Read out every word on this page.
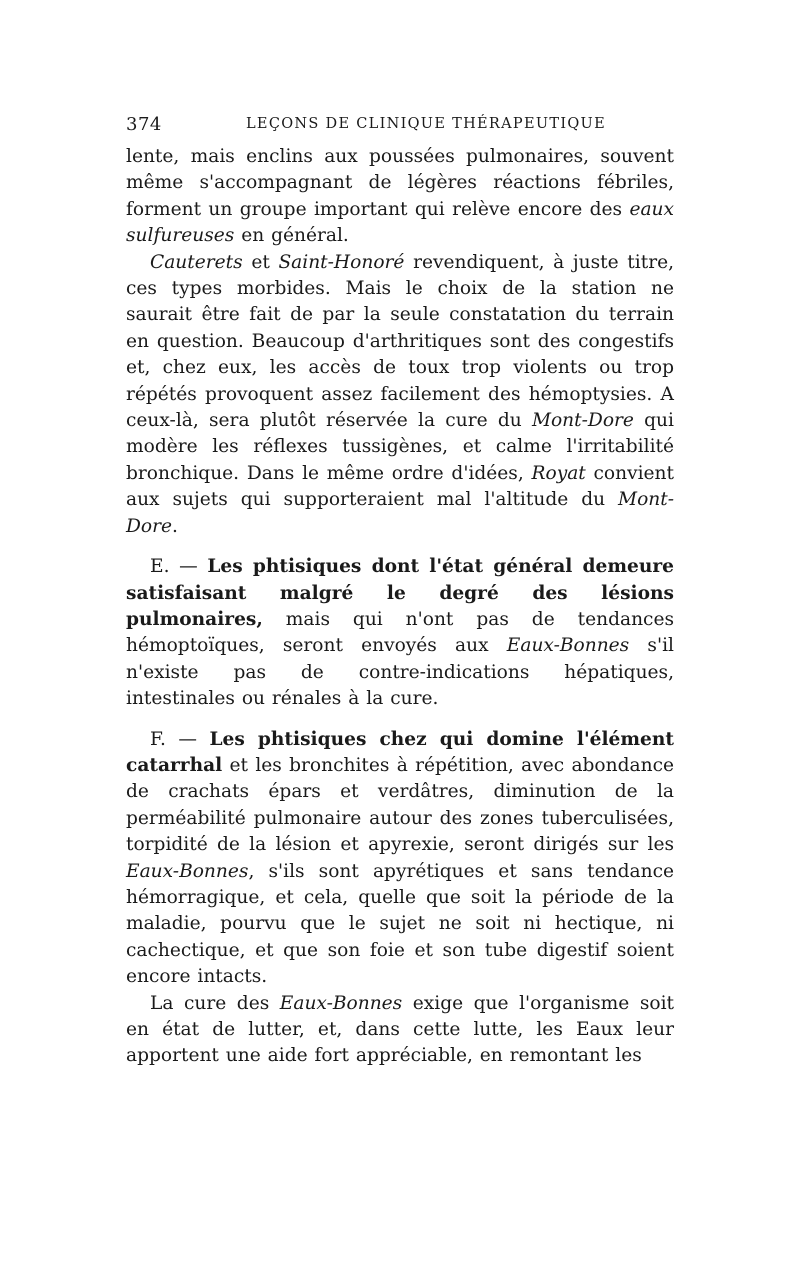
374	LEÇONS DE CLINIQUE THÉRAPEUTIQUE

lente, mais enclins aux poussées pulmonaires, souvent même s'accompagnant de légères réactions fébriles, forment un groupe important qui relève encore des eaux sulfureuses en général.

Cauterets et Saint-Honoré revendiquent, à juste titre, ces types morbides. Mais le choix de la station ne saurait être fait de par la seule constatation du terrain en question. Beaucoup d'arthritiques sont des congestifs et, chez eux, les accès de toux trop violents ou trop répétés provoquent assez facilement des hémoptysies. A ceux-là, sera plutôt réservée la cure du Mont-Dore qui modère les réflexes tussigènes, et calme l'irritabilité bronchique. Dans le même ordre d'idées, Royat convient aux sujets qui supporteraient mal l'altitude du Mont-Dore.

E. — Les phtisiques dont l'état général demeure satisfaisant malgré le degré des lésions pulmonaires, mais qui n'ont pas de tendances hémoptoïques, seront envoyés aux Eaux-Bonnes s'il n'existe pas de contre-indications hépatiques, intestinales ou rénales à la cure.

F. — Les phtisiques chez qui domine l'élément catarrhal et les bronchites à répétition, avec abondance de crachats épars et verdâtres, diminution de la perméabilité pulmonaire autour des zones tuberculisées, torpidité de la lésion et apyrexie, seront dirigés sur les Eaux-Bonnes, s'ils sont apyrétiques et sans tendance hémorragique, et cela, quelle que soit la période de la maladie, pourvu que le sujet ne soit ni hectique, ni cachectique, et que son foie et son tube digestif soient encore intacts.

La cure des Eaux-Bonnes exige que l'organisme soit en état de lutter, et, dans cette lutte, les Eaux leur apportent une aide fort appréciable, en remontant les
